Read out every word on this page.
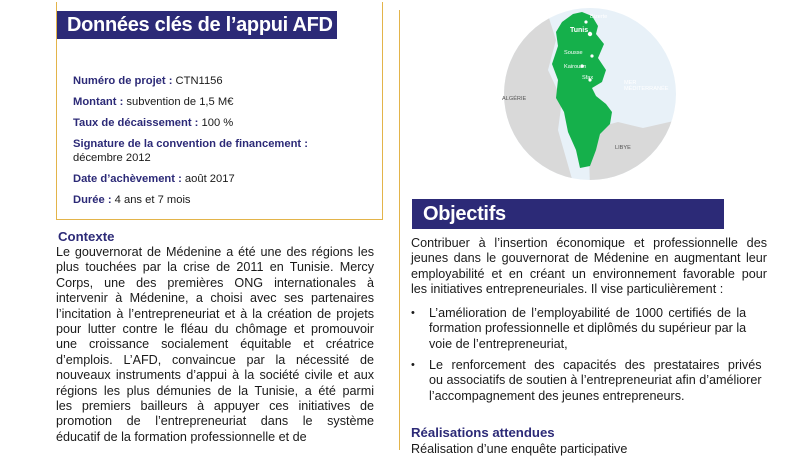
Données clés de l’appui AFD
Numéro de projet : CTN1156
Montant : subvention de 1,5 M€
Taux de décaissement : 100 %
Signature de la convention de financement :
décembre 2012
Date d’achèvement : août 2017
Durée : 4 ans et 7 mois
Contexte
Le gouvernorat de Médenine a été une des régions les
plus touchées par la crise de 2011 en Tunisie. Mercy
Corps, une des premières ONG internationales à
intervenir à Médenine, a choisi avec ses partenaires
l’incitation à l’entrepreneuriat et à la création de projets
pour lutter contre le fléau du chômage et promouvoir
une croissance socialement équitable et créatrice
d’emplois. L’AFD, convaincue par la nécessité de
nouveaux instruments d’appui à la société civile et aux
régions les plus démunies de la Tunisie, a été parmi
les premiers bailleurs à appuyer ces initiatives de
promotion de l’entrepreneuriat dans le système
éducatif de la formation professionnelle et de
Bizerte
Tunis
Sousse
Kairouan
Sfax
ALGÉRIE
LIBYE
MER
MÉDITERRANÉE
Objectifs
Contribuer à l’insertion économique et professionnelle des
jeunes dans le gouvernorat de Médenine en augmentant leur
employabilité et en créant un environnement favorable pour
les initiatives entrepreneuriales. Il vise particulièrement :
•	L’amélioration de l’employabilité de 1000 certifiés de la
formation professionnelle et diplômés du supérieur par la
voie de l’entrepreneuriat,
•	Le renforcement des capacités des prestataires privés
ou associatifs de soutien à l’entrepreneuriat afin d’améliorer
l’accompagnement des jeunes entrepreneurs.
Réalisations attendues
Réalisation d’une enquête participative
